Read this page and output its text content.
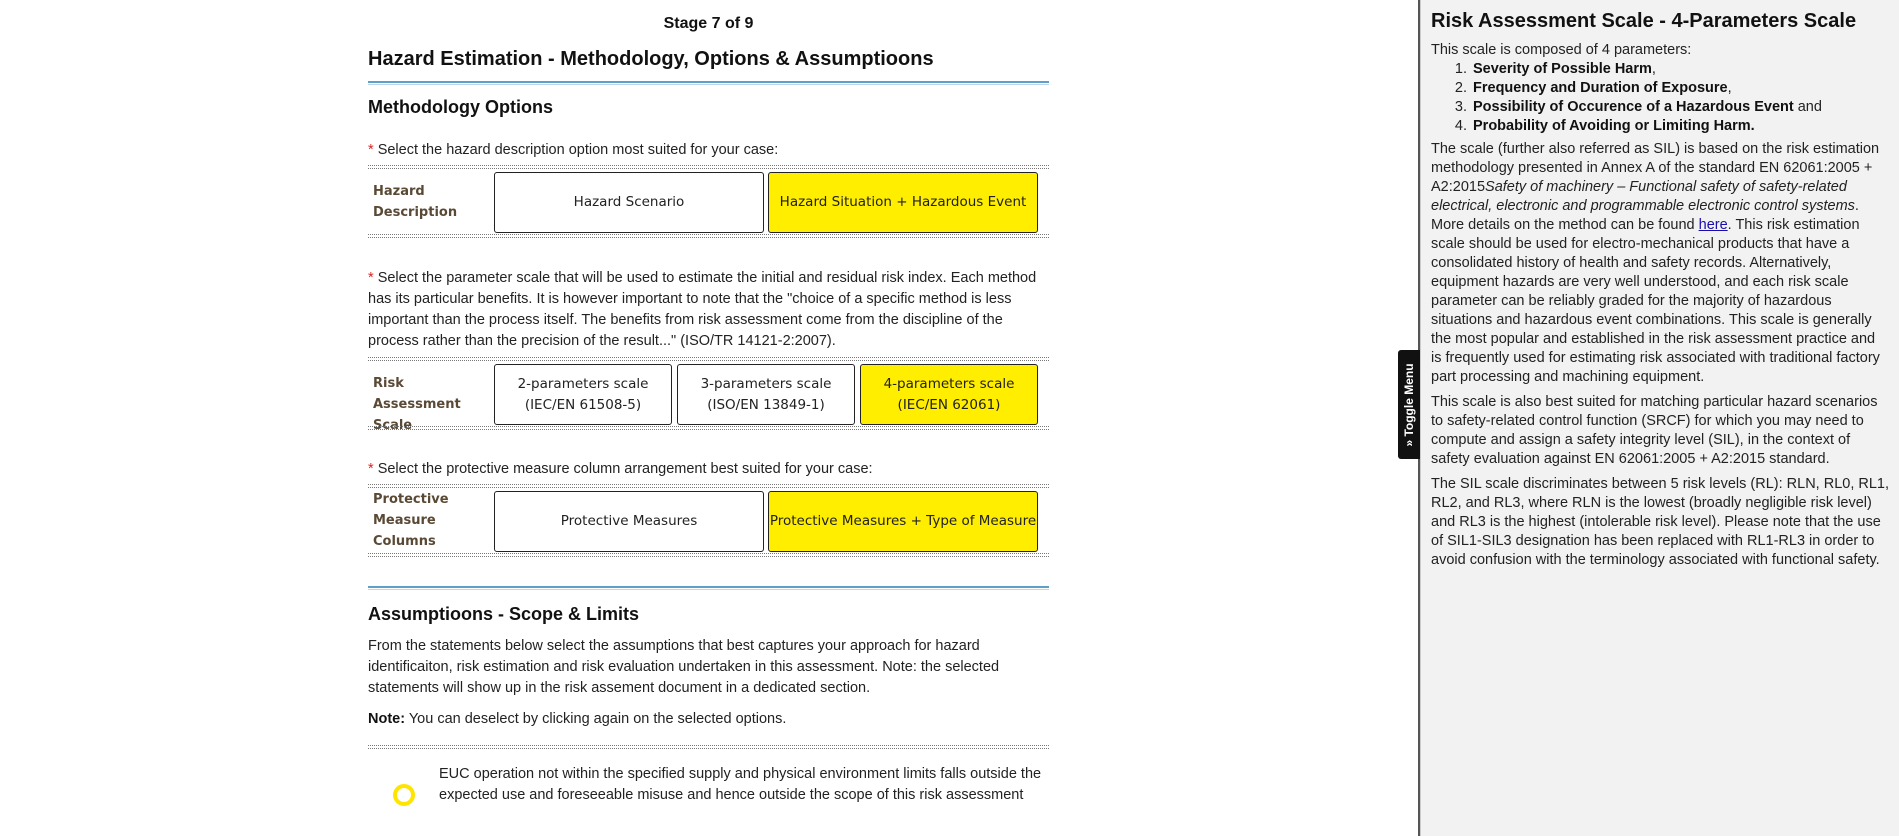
Stage 7 of 9
Hazard Estimation - Methodology, Options & Assumptioons
Methodology Options
* Select the hazard description option most suited for your case:
Hazard Description
Hazard Scenario	Hazard Situation + Hazardous Event
* Select the parameter scale that will be used to estimate the initial and residual risk index. Each method has its particular benefits. It is however important to note that the "choice of a specific method is less important than the process itself. The benefits from risk assessment come from the discipline of the process rather than the precision of the result..." (ISO/TR 14121-2:2007).
Risk Assessment Scale
2-parameters scale
(IEC/EN 61508-5)
3-parameters scale
(ISO/EN 13849-1)
4-parameters scale
(IEC/EN 62061)
* Select the protective measure column arrangement best suited for your case:
Protective Measure Columns
Protective Measures	Protective Measures + Type of Measure
Assumptioons - Scope & Limits
From the statements below select the assumptions that best captures your approach for hazard identificaiton, risk estimation and risk evaluation undertaken in this assessment. Note: the selected statements will show up in the risk assement document in a dedicated section.
Note: You can deselect by clicking again on the selected options.
EUC operation not within the specified supply and physical environment limits falls outside the expected use and foreseeable misuse and hence outside the scope of this risk assessment
» Toggle Menu
Risk Assessment Scale - 4-Parameters Scale
This scale is composed of 4 parameters:
1. Severity of Possible Harm,
2. Frequency and Duration of Exposure,
3. Possibility of Occurence of a Hazardous Event and
4. Probability of Avoiding or Limiting Harm.
The scale (further also referred as SIL) is based on the risk estimation methodology presented in Annex A of the standard EN 62061:2005 + A2:2015Safety of machinery – Functional safety of safety-related electrical, electronic and programmable electronic control systems. More details on the method can be found here. This risk estimation scale should be used for electro-mechanical products that have a consolidated history of health and safety records. Alternatively, equipment hazards are very well understood, and each risk scale parameter can be reliably graded for the majority of hazardous situations and hazardous event combinations. This scale is generally the most popular and established in the risk assessment practice and is frequently used for estimating risk associated with traditional factory part processing and machining equipment.
This scale is also best suited for matching particular hazard scenarios to safety-related control function (SRCF) for which you may need to compute and assign a safety integrity level (SIL), in the context of safety evaluation against EN 62061:2005 + A2:2015 standard.
The SIL scale discriminates between 5 risk levels (RL): RLN, RL0, RL1, RL2, and RL3, where RLN is the lowest (broadly negligible risk level) and RL3 is the highest (intolerable risk level). Please note that the use of SIL1-SIL3 designation has been replaced with RL1-RL3 in order to avoid confusion with the terminology associated with functional safety.
